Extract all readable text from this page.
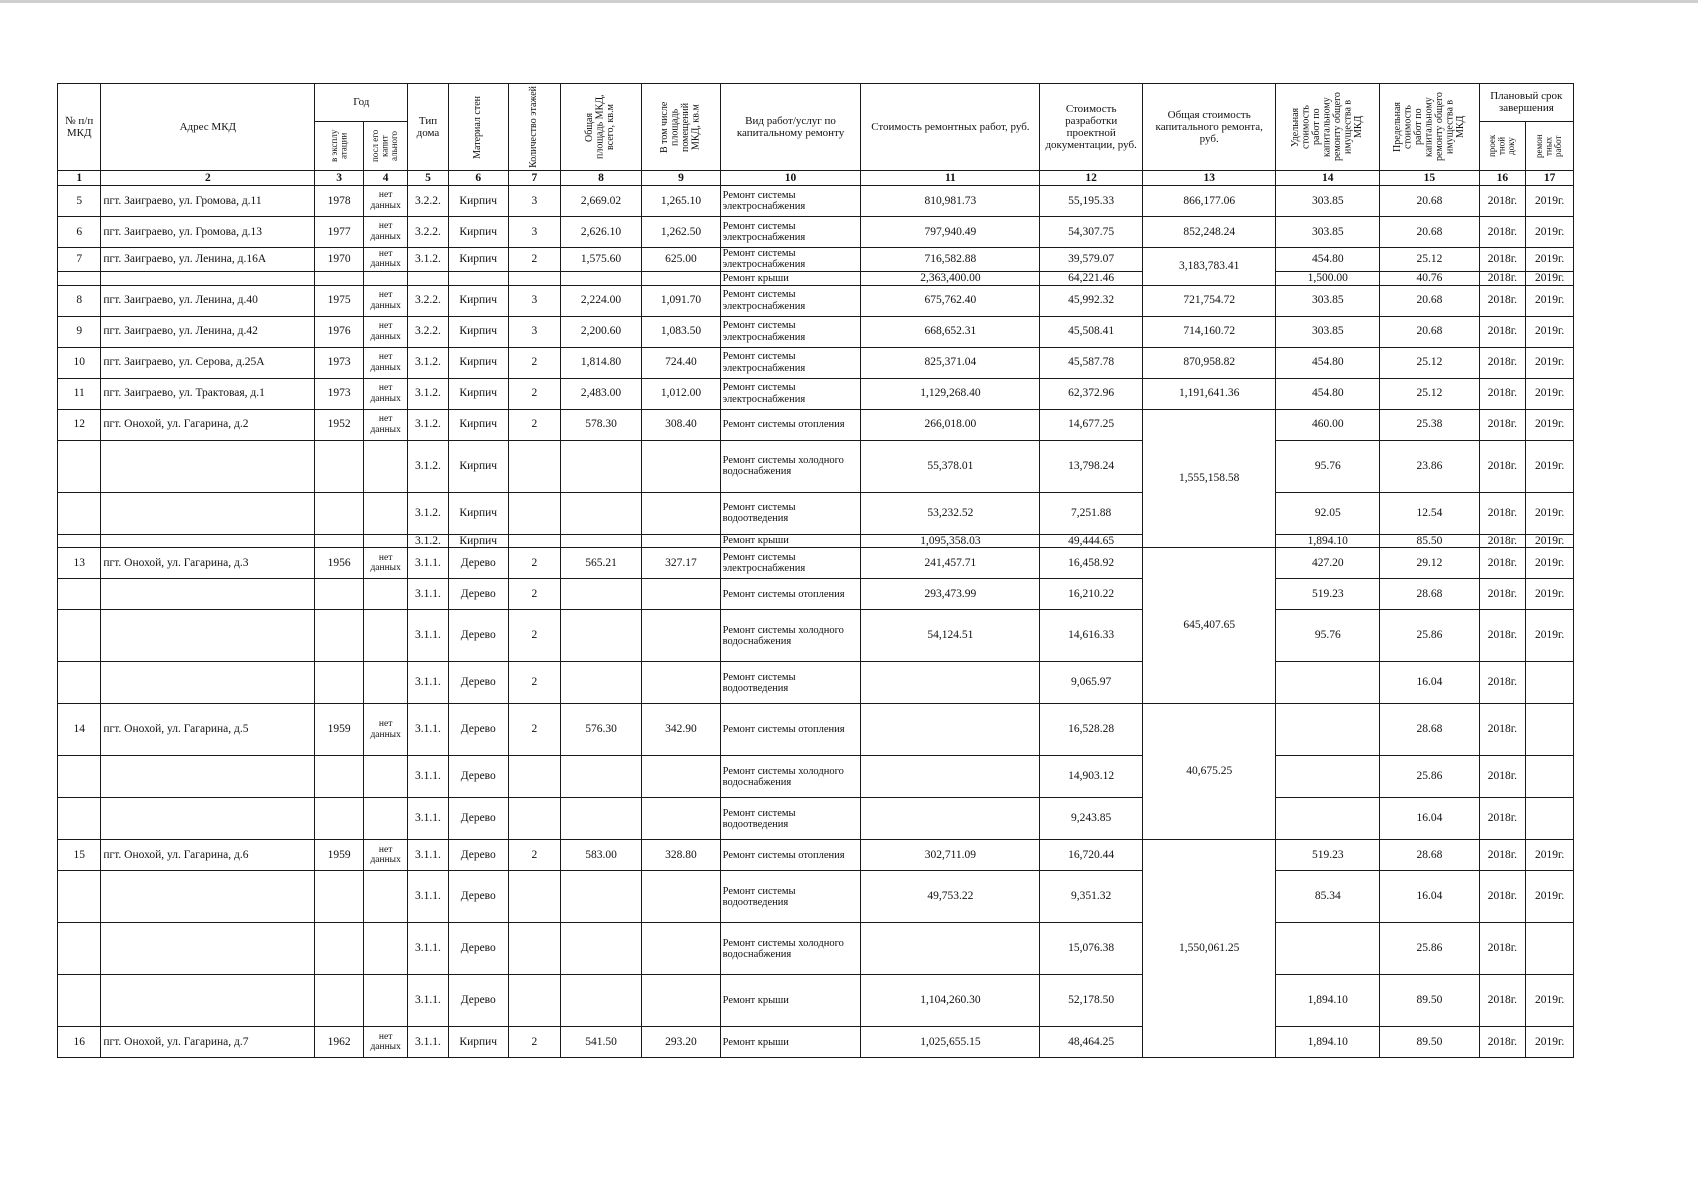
№ п/п МКД	Адрес МКД	Год		Тип дома	Материал стен	Количество этажей	Общая площадь МКД, всего, кв.м	В том числе площадь помещений МКД, кв.м	Вид работ/услуг по капитальному ремонту	Стоимость ремонтных работ, руб.	Стоимость разработки проектной документации, руб.	Общая стоимость капитального ремонта, руб.	Удельная стоимость работ по капитальному ремонту общего имущества в МКД	Предельная стоимость работ по капитальному ремонту общего имущества в МКД	Плановый срок завершения	

		в эксплу атации	посл его капит ального												проек тной доку	ремон тных работ

1	2	3	4	5	6	7	8	9	10	11	12	13	14	15	16	17
5	пгт. Заиграево, ул. Громова, д.11	1978	нет данных	3.2.2.	Кирпич	3	2,669.02	1,265.10	Ремонт системы электроснабжения	810,981.73	55,195.33	866,177.06	303.85	20.68	2018г.	2019г.
6	пгт. Заиграево, ул. Громова, д.13	1977	нет данных	3.2.2.	Кирпич	3	2,626.10	1,262.50	Ремонт системы электроснабжения	797,940.49	54,307.75	852,248.24	303.85	20.68	2018г.	2019г.
7	пгт. Заиграево, ул. Ленина, д.16А	1970	нет данных	3.1.2.	Кирпич	2	1,575.60	625.00	Ремонт системы электроснабжения	716,582.88	39,579.07	3,183,783.41	454.80	25.12	2018г.	2019г.
									Ремонт крыши	2,363,400.00	64,221.46		1,500.00	40.76	2018г.	2019г.
8	пгт. Заиграево, ул. Ленина, д.40	1975	нет данных	3.2.2.	Кирпич	3	2,224.00	1,091.70	Ремонт системы электроснабжения	675,762.40	45,992.32	721,754.72	303.85	20.68	2018г.	2019г.
9	пгт. Заиграево, ул. Ленина, д.42	1976	нет данных	3.2.2.	Кирпич	3	2,200.60	1,083.50	Ремонт системы электроснабжения	668,652.31	45,508.41	714,160.72	303.85	20.68	2018г.	2019г.
10	пгт. Заиграево, ул. Серова, д.25А	1973	нет данных	3.1.2.	Кирпич	2	1,814.80	724.40	Ремонт системы электроснабжения	825,371.04	45,587.78	870,958.82	454.80	25.12	2018г.	2019г.
11	пгт. Заиграево, ул. Трактовая, д.1	1973	нет данных	3.1.2.	Кирпич	2	2,483.00	1,012.00	Ремонт системы электроснабжения	1,129,268.40	62,372.96	1,191,641.36	454.80	25.12	2018г.	2019г.
12	пгт. Онохой, ул. Гагарина, д.2	1952	нет данных	3.1.2.	Кирпич	2	578.30	308.40	Ремонт системы отопления	266,018.00	14,677.25	1,555,158.58	460.00	25.38	2018г.	2019г.
				3.1.2.	Кирпич				Ремонт системы холодного водоснабжения	55,378.01	13,798.24		95.76	23.86	2018г.	2019г.
				3.1.2.	Кирпич				Ремонт системы водоотведения	53,232.52	7,251.88		92.05	12.54	2018г.	2019г.
				3.1.2.	Кирпич				Ремонт крыши	1,095,358.03	49,444.65		1,894.10	85.50	2018г.	2019г.
13	пгт. Онохой, ул. Гагарина, д.3	1956	нет данных	3.1.1.	Дерево	2	565.21	327.17	Ремонт системы электроснабжения	241,457.71	16,458.92	645,407.65	427.20	29.12	2018г.	2019г.
				3.1.1.	Дерево	2			Ремонт системы отопления	293,473.99	16,210.22		519.23	28.68	2018г.	2019г.
				3.1.1.	Дерево	2			Ремонт системы холодного водоснабжения	54,124.51	14,616.33		95.76	25.86	2018г.	2019г.
				3.1.1.	Дерево	2			Ремонт системы водоотведения		9,065.97			16.04	2018г.	
14	пгт. Онохой, ул. Гагарина, д.5	1959	нет данных	3.1.1.	Дерево	2	576.30	342.90	Ремонт системы отопления		16,528.28	40,675.25		28.68	2018г.	
				3.1.1.	Дерево				Ремонт системы холодного водоснабжения		14,903.12			25.86	2018г.	
				3.1.1.	Дерево				Ремонт системы водоотведения		9,243.85			16.04	2018г.	
15	пгт. Онохой, ул. Гагарина, д.6	1959	нет данных	3.1.1.	Дерево	2	583.00	328.80	Ремонт системы отопления	302,711.09	16,720.44	1,550,061.25	519.23	28.68	2018г.	2019г.
				3.1.1.	Дерево				Ремонт системы водоотведения	49,753.22	9,351.32		85.34	16.04	2018г.	2019г.
				3.1.1.	Дерево				Ремонт системы холодного водоснабжения		15,076.38			25.86	2018г.	
				3.1.1.	Дерево				Ремонт крыши	1,104,260.30	52,178.50		1,894.10	89.50	2018г.	2019г.
16	пгт. Онохой, ул. Гагарина, д.7	1962	нет данных	3.1.1.	Кирпич	2	541.50	293.20	Ремонт крыши	1,025,655.15	48,464.25		1,894.10	89.50	2018г.	2019г.
